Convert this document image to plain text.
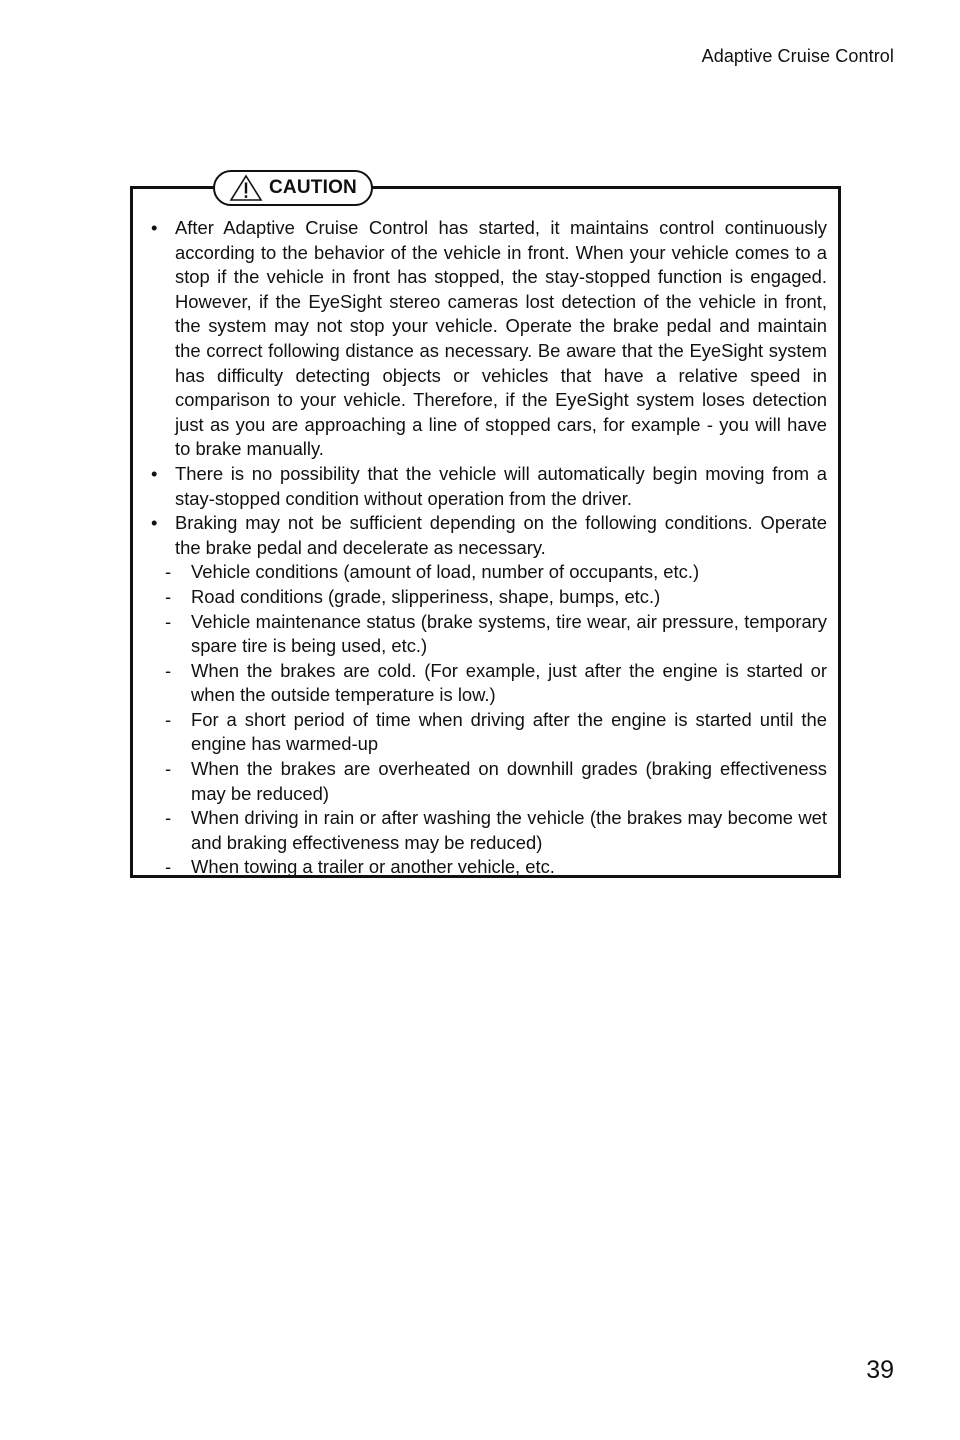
Adaptive Cruise Control
CAUTION
• After Adaptive Cruise Control has started, it maintains control continuously according to the behavior of the vehicle in front. When your vehicle comes to a stop if the vehicle in front has stopped, the stay-stopped function is engaged. However, if the EyeSight stereo cameras lost detection of the vehicle in front, the system may not stop your vehicle. Operate the brake pedal and maintain the correct following distance as necessary. Be aware that the EyeSight system has difficulty detecting objects or vehicles that have a relative speed in comparison to your vehicle. Therefore, if the EyeSight system loses detection just as you are approaching a line of stopped cars, for example - you will have to brake manually.
• There is no possibility that the vehicle will automatically begin moving from a stay-stopped condition without operation from the driver.
• Braking may not be sufficient depending on the following conditions. Operate the brake pedal and decelerate as necessary.
- Vehicle conditions (amount of load, number of occupants, etc.)
- Road conditions (grade, slipperiness, shape, bumps, etc.)
- Vehicle maintenance status (brake systems, tire wear, air pressure, temporary spare tire is being used, etc.)
- When the brakes are cold. (For example, just after the engine is started or when the outside temperature is low.)
- For a short period of time when driving after the engine is started until the engine has warmed-up
- When the brakes are overheated on downhill grades (braking effectiveness may be reduced)
- When driving in rain or after washing the vehicle (the brakes may become wet and braking effectiveness may be reduced)
- When towing a trailer or another vehicle, etc.
39
